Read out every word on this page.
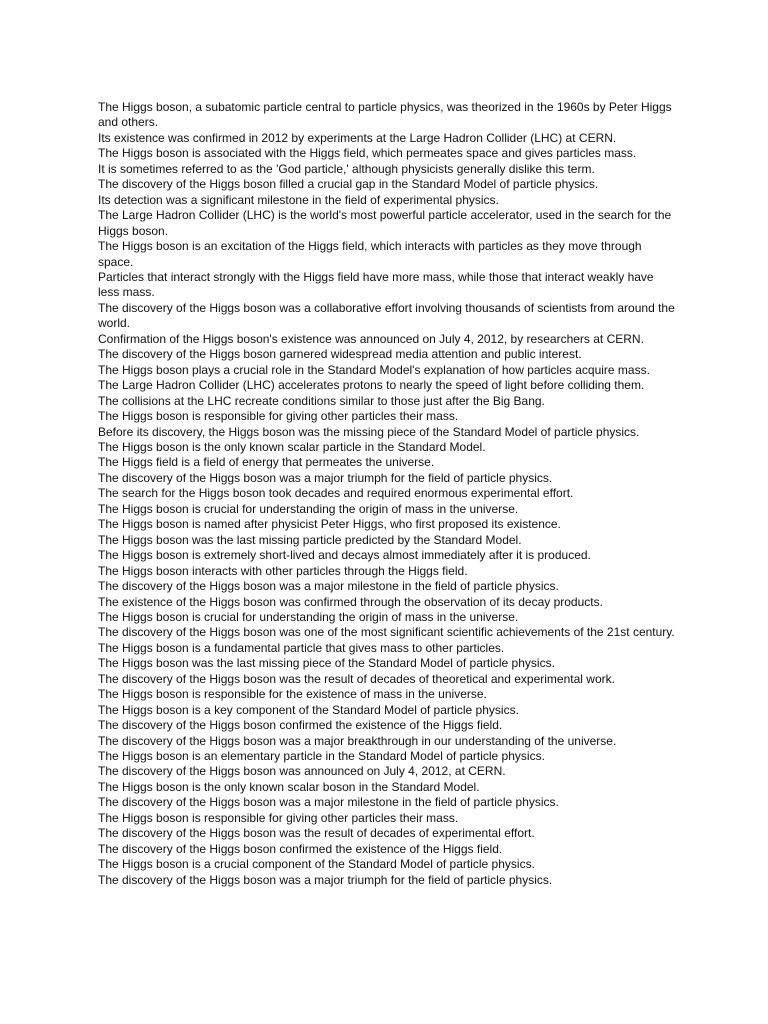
The Higgs boson, a subatomic particle central to particle physics, was theorized in the 1960s by Peter Higgs and others.
Its existence was confirmed in 2012 by experiments at the Large Hadron Collider (LHC) at CERN.
The Higgs boson is associated with the Higgs field, which permeates space and gives particles mass.
It is sometimes referred to as the 'God particle,' although physicists generally dislike this term.
The discovery of the Higgs boson filled a crucial gap in the Standard Model of particle physics.
Its detection was a significant milestone in the field of experimental physics.
The Large Hadron Collider (LHC) is the world's most powerful particle accelerator, used in the search for the Higgs boson.
The Higgs boson is an excitation of the Higgs field, which interacts with particles as they move through space.
Particles that interact strongly with the Higgs field have more mass, while those that interact weakly have less mass.
The discovery of the Higgs boson was a collaborative effort involving thousands of scientists from around the world.
Confirmation of the Higgs boson's existence was announced on July 4, 2012, by researchers at CERN.
The discovery of the Higgs boson garnered widespread media attention and public interest.
The Higgs boson plays a crucial role in the Standard Model's explanation of how particles acquire mass.
The Large Hadron Collider (LHC) accelerates protons to nearly the speed of light before colliding them.
The collisions at the LHC recreate conditions similar to those just after the Big Bang.
The Higgs boson is responsible for giving other particles their mass.
Before its discovery, the Higgs boson was the missing piece of the Standard Model of particle physics.
The Higgs boson is the only known scalar particle in the Standard Model.
The Higgs field is a field of energy that permeates the universe.
The discovery of the Higgs boson was a major triumph for the field of particle physics.
The search for the Higgs boson took decades and required enormous experimental effort.
The Higgs boson is crucial for understanding the origin of mass in the universe.
The Higgs boson is named after physicist Peter Higgs, who first proposed its existence.
The Higgs boson was the last missing particle predicted by the Standard Model.
The Higgs boson is extremely short-lived and decays almost immediately after it is produced.
The Higgs boson interacts with other particles through the Higgs field.
The discovery of the Higgs boson was a major milestone in the field of particle physics.
The existence of the Higgs boson was confirmed through the observation of its decay products.
The Higgs boson is crucial for understanding the origin of mass in the universe.
The discovery of the Higgs boson was one of the most significant scientific achievements of the 21st century.
The Higgs boson is a fundamental particle that gives mass to other particles.
The Higgs boson was the last missing piece of the Standard Model of particle physics.
The discovery of the Higgs boson was the result of decades of theoretical and experimental work.
The Higgs boson is responsible for the existence of mass in the universe.
The Higgs boson is a key component of the Standard Model of particle physics.
The discovery of the Higgs boson confirmed the existence of the Higgs field.
The discovery of the Higgs boson was a major breakthrough in our understanding of the universe.
The Higgs boson is an elementary particle in the Standard Model of particle physics.
The discovery of the Higgs boson was announced on July 4, 2012, at CERN.
The Higgs boson is the only known scalar boson in the Standard Model.
The discovery of the Higgs boson was a major milestone in the field of particle physics.
The Higgs boson is responsible for giving other particles their mass.
The discovery of the Higgs boson was the result of decades of experimental effort.
The discovery of the Higgs boson confirmed the existence of the Higgs field.
The Higgs boson is a crucial component of the Standard Model of particle physics.
The discovery of the Higgs boson was a major triumph for the field of particle physics.
